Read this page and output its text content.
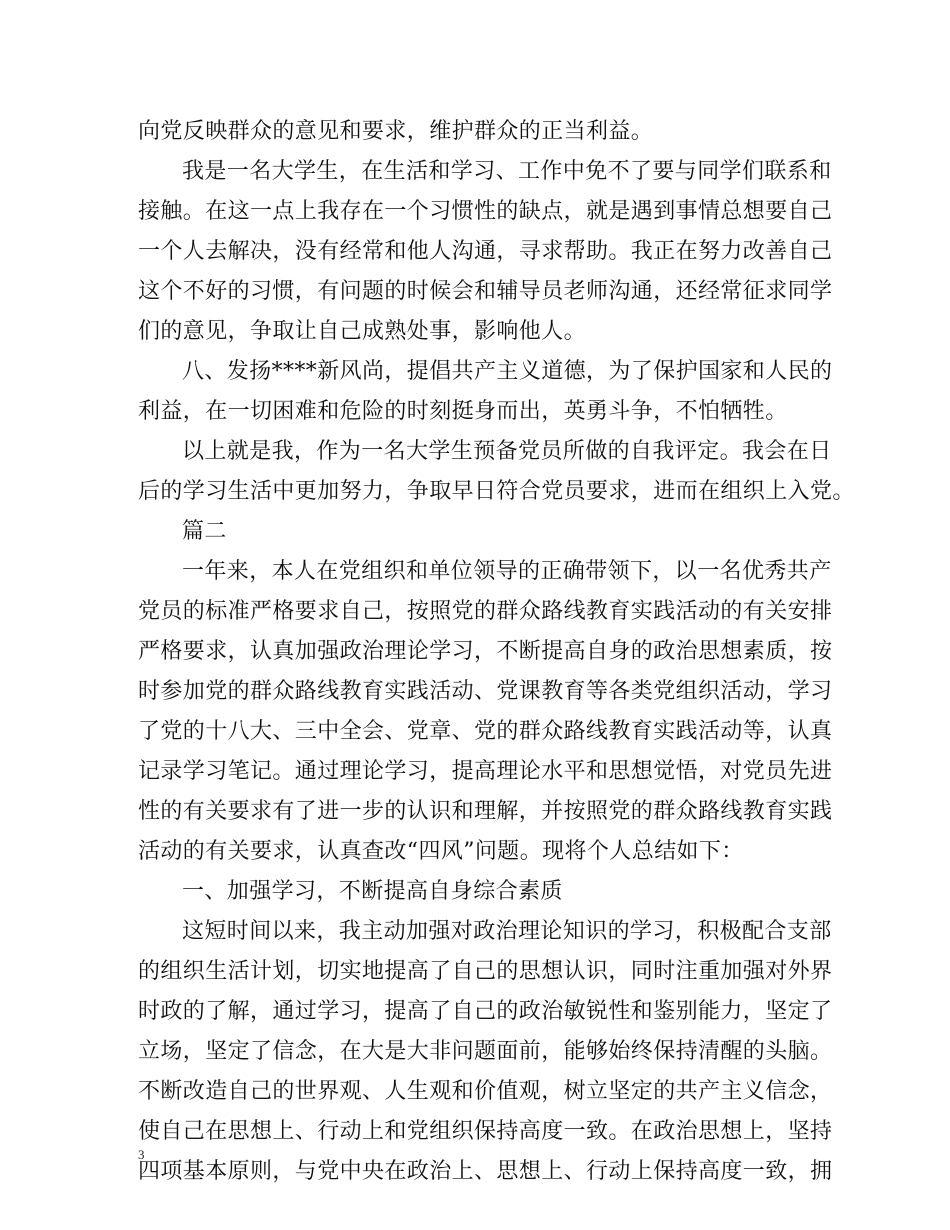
向党反映群众的意见和要求，维护群众的正当利益。
我是一名大学生，在生活和学习、工作中免不了要与同学们联系和
接触。在这一点上我存在一个习惯性的缺点，就是遇到事情总想要自己
一个人去解决，没有经常和他人沟通，寻求帮助。我正在努力改善自己
这个不好的习惯，有问题的时候会和辅导员老师沟通，还经常征求同学
们的意见，争取让自己成熟处事，影响他人。
八、发扬****新风尚，提倡共产主义道德，为了保护国家和人民的
利益，在一切困难和危险的时刻挺身而出，英勇斗争，不怕牺牲。
以上就是我，作为一名大学生预备党员所做的自我评定。我会在日
后的学习生活中更加努力，争取早日符合党员要求，进而在组织上入党。
篇二
一年来，本人在党组织和单位领导的正确带领下，以一名优秀共产
党员的标准严格要求自己，按照党的群众路线教育实践活动的有关安排
严格要求，认真加强政治理论学习，不断提高自身的政治思想素质，按
时参加党的群众路线教育实践活动、党课教育等各类党组织活动，学习
了党的十八大、三中全会、党章、党的群众路线教育实践活动等，认真
记录学习笔记。通过理论学习，提高理论水平和思想觉悟，对党员先进
性的有关要求有了进一步的认识和理解，并按照党的群众路线教育实践
活动的有关要求，认真查改“四风”问题。现将个人总结如下：
一、加强学习，不断提高自身综合素质
这短时间以来，我主动加强对政治理论知识的学习，积极配合支部
的组织生活计划，切实地提高了自己的思想认识，同时注重加强对外界
时政的了解，通过学习，提高了自己的政治敏锐性和鉴别能力，坚定了
立场，坚定了信念，在大是大非问题面前，能够始终保持清醒的头脑。
不断改造自己的世界观、人生观和价值观，树立坚定的共产主义信念，
使自己在思想上、行动上和党组织保持高度一致。在政治思想上，坚持
四项基本原则，与党中央在政治上、思想上、行动上保持高度一致，拥
3
